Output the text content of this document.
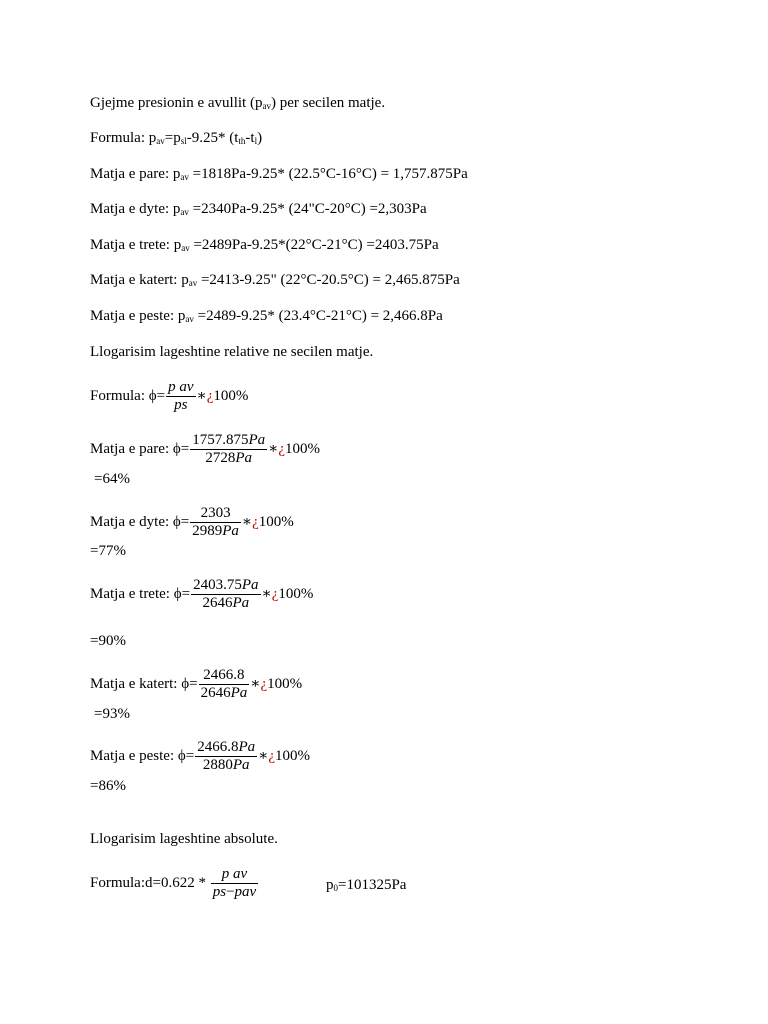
Gjejme presionin e avullit $(p_{av})$ per secilen matje.
Formula: $p_{av}=p_{sl}-9.25*$ $(t_{th}-t_l)$
Matja e pare: $p_{av} =1818Pa-9.25*$ (22.5°C-16°C) = 1,757.875Pa
Matja e dyte: $p_{av} =2340Pa-9.25*$ (24"C-20°C) =2,303Pa
Matja e trete: $p_{av} =2489Pa-9.25*(22^\circ C-21^\circ C) =2403.75Pa$
Matja e katert: $p_{av} =2413-9.25$" (22°C-20.5°C) = 2,465.875Pa
Matja e peste: $p_{av} =2489-9.25*$ (23.4°C-21°C) = 2,466.8Pa
Llogarisim lageshtine relative ne secilen matje.
Formula: $\phi= \frac{\text{p av}}{ps}$ ∗¿100%
Matja e pare: $\phi= \frac{1757.875Pa}{2728Pa}$ ∗¿100%
=64%
Matja e dyte: $\phi= \frac{2303}{2989Pa}$ ∗¿100%
=77%
Matja e trete: $\phi= \frac{2403.75Pa}{2646Pa}$ ∗¿100%
=90%
Matja e katert: $\phi= \frac{2466.8}{2646Pa}$ ∗¿100%
=93%
Matja e peste: $\phi= \frac{2466.8Pa}{2880Pa}$ ∗¿100%
=86%
Llogarisim lageshtine absolute.
Formula:d=0.622 * $\frac{\text{p av}}{\text{ps−pav}}$	$p_0=101325Pa$
